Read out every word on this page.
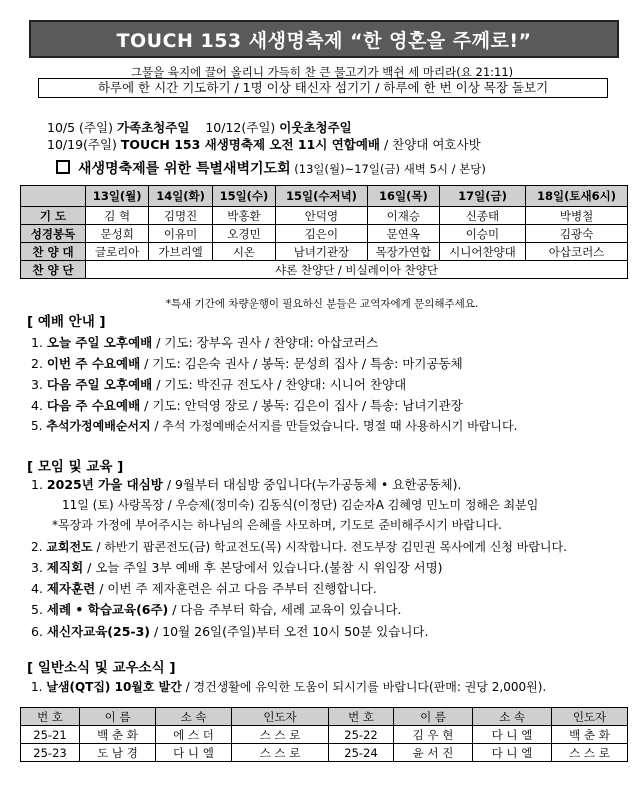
TOUCH 153 새생명축제 “한 영혼을 주께로!”
그물을 육지에 끌어 올리니 가득히 찬 큰 물고기가 백쉰 세 마리라(요 21:11)
하루에 한 시간 기도하기 / 1명 이상 태신자 섬기기 / 하루에 한 번 이상 목장 돌보기
10/5 (주일) 가족초청주일 10/12(주일) 이웃초청주일
10/19(주일) TOUCH 153 새생명축제 오전 11시 연합예배 / 찬양대 여호사밧
새생명축제를 위한 특별새벽기도회 (13일(월)~17일(금) 새벽 5시 / 본당)
	13일(월)	14일(화)	15일(수)	15일(수저녁)	16일(목)	17일(금)	18일(토새6시)
기 도	김 혁	김명진	박홍환	안덕영	이재승	신종태	박병철
성경봉독	문성희	이유미	오경민	김은이	문연옥	이승미	김광숙
찬 양 대	글로리아	가브리엘	시온	남녀기관장	목장가연합	시니어찬양대	아삽코러스
찬 양 단	샤론 찬양단 / 비실레이아 찬양단						
*특새 기간에 차량운행이 필요하신 분들은 교역자에게 문의해주세요.
[ 예배 안내 ]
1. 오늘 주일 오후예배 / 기도: 장부옥 권사 / 찬양대: 아삽코러스
2. 이번 주 수요예배 / 기도: 김은숙 권사 / 봉독: 문성희 집사 / 특송: 마기공동체
3. 다음 주일 오후예배 / 기도: 박진규 전도사 / 찬양대: 시니어 찬양대
4. 다음 주 수요예배 / 기도: 안덕영 장로 / 봉독: 김은이 집사 / 특송: 남녀기관장
5. 추석가정예배순서지 / 추석 가정예배순서지를 만들었습니다. 명절 때 사용하시기 바랍니다.
[ 모임 및 교육 ]
1. 2025년 가을 대심방 / 9월부터 대심방 중입니다(누가공동체 • 요한공동체).
11일 (토) 사랑목장 / 우승제(정미숙) 김동식(이정단) 김순자A 김혜영 민노미 정해은 최분임
*목장과 가정에 부어주시는 하나님의 은혜를 사모하며, 기도로 준비해주시기 바랍니다.
2. 교회전도 / 하반기 팝콘전도(금) 학교전도(목) 시작합니다. 전도부장 김민권 목사에게 신청 바랍니다.
3. 제직회 / 오늘 주일 3부 예배 후 본당에서 있습니다.(불참 시 위임장 서명)
4. 제자훈련 / 이번 주 제자훈련은 쉬고 다음 주부터 진행합니다.
5. 세례 • 학습교육(6주) / 다음 주부터 학습, 세례 교육이 있습니다.
6. 새신자교육(25-3) / 10월 26일(주일)부터 오전 10시 50분 있습니다.
[ 일반소식 및 교우소식 ]
1. 날샘(QT집) 10월호 발간 / 경건생활에 유익한 도움이 되시기를 바랍니다(판매: 권당 2,000원).
번 호	이 름	소 속	인도자	번 호	이 름	소 속	인도자
25-21	백 춘 화	에 스 더	스 스 로	25-22	김 우 현	다 니 엘	백 춘 화
25-23	도 남 경	다 니 엘	스 스 로	25-24	윤 서 진	다 니 엘	스 스 로
